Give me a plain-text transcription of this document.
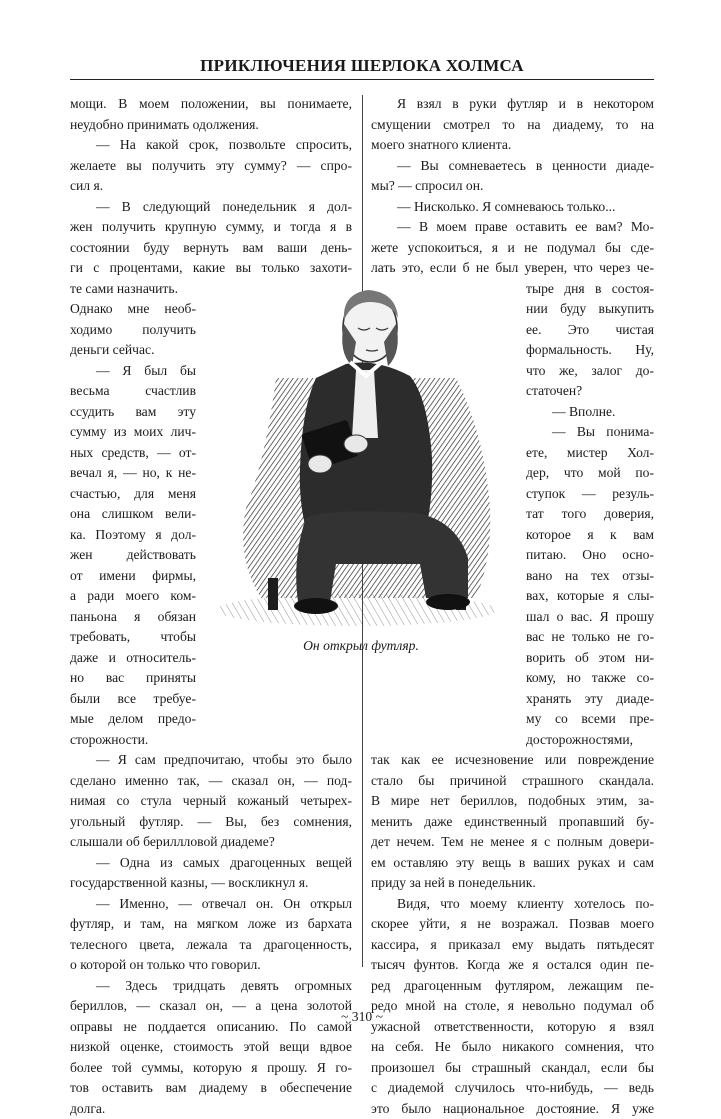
ПРИКЛЮЧЕНИЯ ШЕРЛОКА ХОЛМСА
мощи. В моем положении, вы понимаете,
неудобно принимать одолжения.
— На какой срок, позвольте спросить,
желаете вы получить эту сумму? — спро-
сил я.
— В следующий понедельник я дол-
жен получить крупную сумму, и тогда я в
состоянии буду вернуть вам ваши день-
ги с процентами, какие вы только захоти-
те сами назначить.
Однако мне необ-
ходимо получить
деньги сейчас.
— Я был бы
весьма счастлив
ссудить вам эту
сумму из моих лич-
ных средств, — от-
вечал я, — но, к не-
счастью, для меня
она слишком вели-
ка. Поэтому я дол-
жен действовать
от имени фирмы,
а ради моего ком-
паньона я обязан
требовать, чтобы
даже и относитель-
но вас приняты
были все требуе-
мые делом предо-
сторожности.
— Я сам предпочитаю, чтобы это было
сделано именно так, — сказал он, — под-
нимая со стула черный кожаный четырех-
угольный футляр. — Вы, без сомнения,
слышали об бериллловой диадеме?
— Одна из самых драгоценных вещей
государственной казны, — воскликнул я.
— Именно, — отвечал он. Он открыл
футляр, и там, на мягком ложе из бархата
телесного цвета, лежала та драгоценность,
о которой он только что говорил.
— Здесь тридцать девять огромных
бериллов, — сказал он, — а цена золотой
оправы не поддается описанию. По самой
низкой оценке, стоимость этой вещи вдвое
более той суммы, которую я прошу. Я го-
тов оставить вам диадему в обеспечение
долга.
Я взял в руки футляр и в некотором
смущении смотрел то на диадему, то на
моего знатного клиента.
— Вы сомневаетесь в ценности диаде-
мы? — спросил он.
— Нисколько. Я сомневаюсь только...
— В моем праве оставить ее вам? Мо-
жете успокоиться, я и не подумал бы сде-
лать это, если б не был уверен, что через че-
тыре дня в состоя-
нии буду выкупить
ее. Это чистая
формальность. Ну,
что же, залог до-
статочен?
— Вполне.
— Вы понима-
ете, мистер Хол-
дер, что мой по-
ступок — резуль-
тат того доверия,
которое я к вам
питаю. Оно осно-
вано на тех отзы-
вах, которые я слы-
шал о вас. Я прошу
вас не только не го-
ворить об этом ни-
кому, но также со-
хранять эту диаде-
му со всеми пре-
досторожностями,
так как ее исчезновение или повреждение
стало бы причиной страшного скандала.
В мире нет бериллов, подобных этим, за-
менить даже единственный пропавший бу-
дет нечем. Тем не менее я с полным довери-
ем оставляю эту вещь в ваших руках и сам
приду за ней в понедельник.
Видя, что моему клиенту хотелось по-
скорее уйти, я не возражал. Позвав моего
кассира, я приказал ему выдать пятьдесят
тысяч фунтов. Когда же я остался один пе-
ред драгоценным футляром, лежащим пе-
редо мной на столе, я невольно подумал об
ужасной ответственности, которую я взял
на себя. Не было никакого сомнения, что
произошел бы страшный скандал, если бы
с диадемой случилось что-нибудь, — ведь
это было национальное достояние. Я уже
Он открыл футляр.
~ 310 ~
